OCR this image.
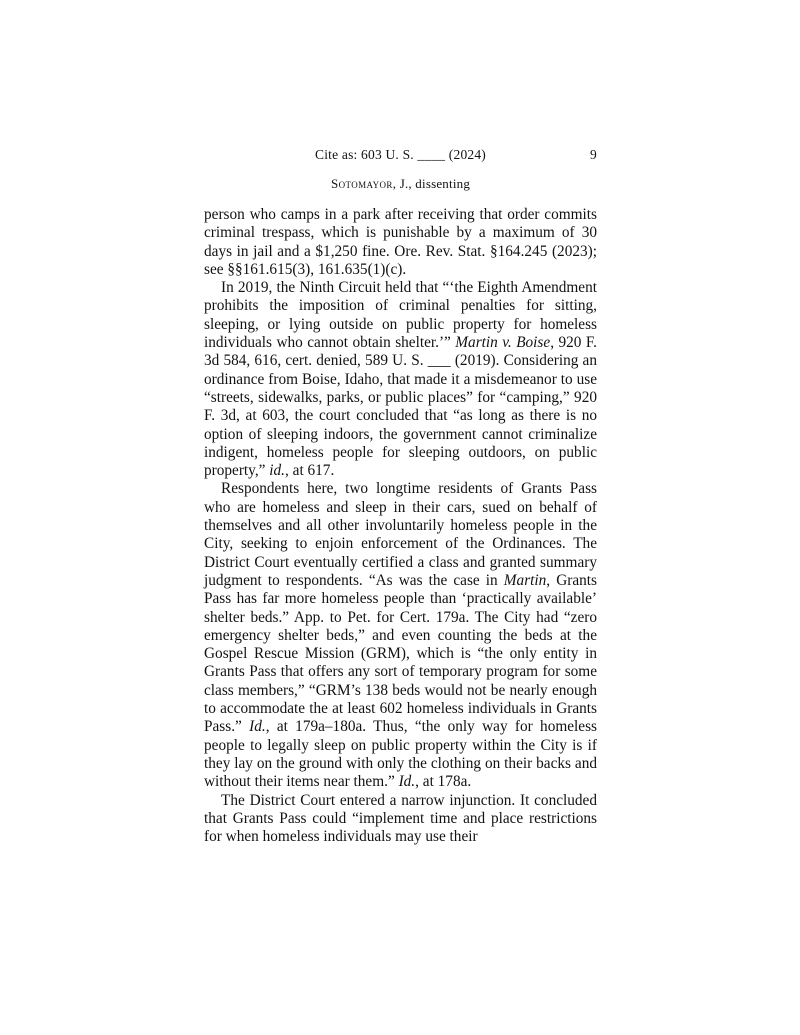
Cite as: 603 U. S. ____ (2024)	9
Sotomayor, J., dissenting

person who camps in a park after receiving that order commits criminal trespass, which is punishable by a maximum of 30 days in jail and a $1,250 fine. Ore. Rev. Stat. §164.245 (2023); see §§161.615(3), 161.635(1)(c).

In 2019, the Ninth Circuit held that “‘the Eighth Amendment prohibits the imposition of criminal penalties for sitting, sleeping, or lying outside on public property for homeless individuals who cannot obtain shelter.’” Martin v. Boise, 920 F. 3d 584, 616, cert. denied, 589 U. S. ___ (2019). Considering an ordinance from Boise, Idaho, that made it a misdemeanor to use “streets, sidewalks, parks, or public places” for “camping,” 920 F. 3d, at 603, the court concluded that “as long as there is no option of sleeping indoors, the government cannot criminalize indigent, homeless people for sleeping outdoors, on public property,” id., at 617.

Respondents here, two longtime residents of Grants Pass who are homeless and sleep in their cars, sued on behalf of themselves and all other involuntarily homeless people in the City, seeking to enjoin enforcement of the Ordinances. The District Court eventually certified a class and granted summary judgment to respondents. “As was the case in Martin, Grants Pass has far more homeless people than ‘practically available’ shelter beds.” App. to Pet. for Cert. 179a. The City had “zero emergency shelter beds,” and even counting the beds at the Gospel Rescue Mission (GRM), which is “the only entity in Grants Pass that offers any sort of temporary program for some class members,” “GRM’s 138 beds would not be nearly enough to accommodate the at least 602 homeless individuals in Grants Pass.” Id., at 179a–180a. Thus, “the only way for homeless people to legally sleep on public property within the City is if they lay on the ground with only the clothing on their backs and without their items near them.” Id., at 178a.

The District Court entered a narrow injunction. It concluded that Grants Pass could “implement time and place restrictions for when homeless individuals may use their
